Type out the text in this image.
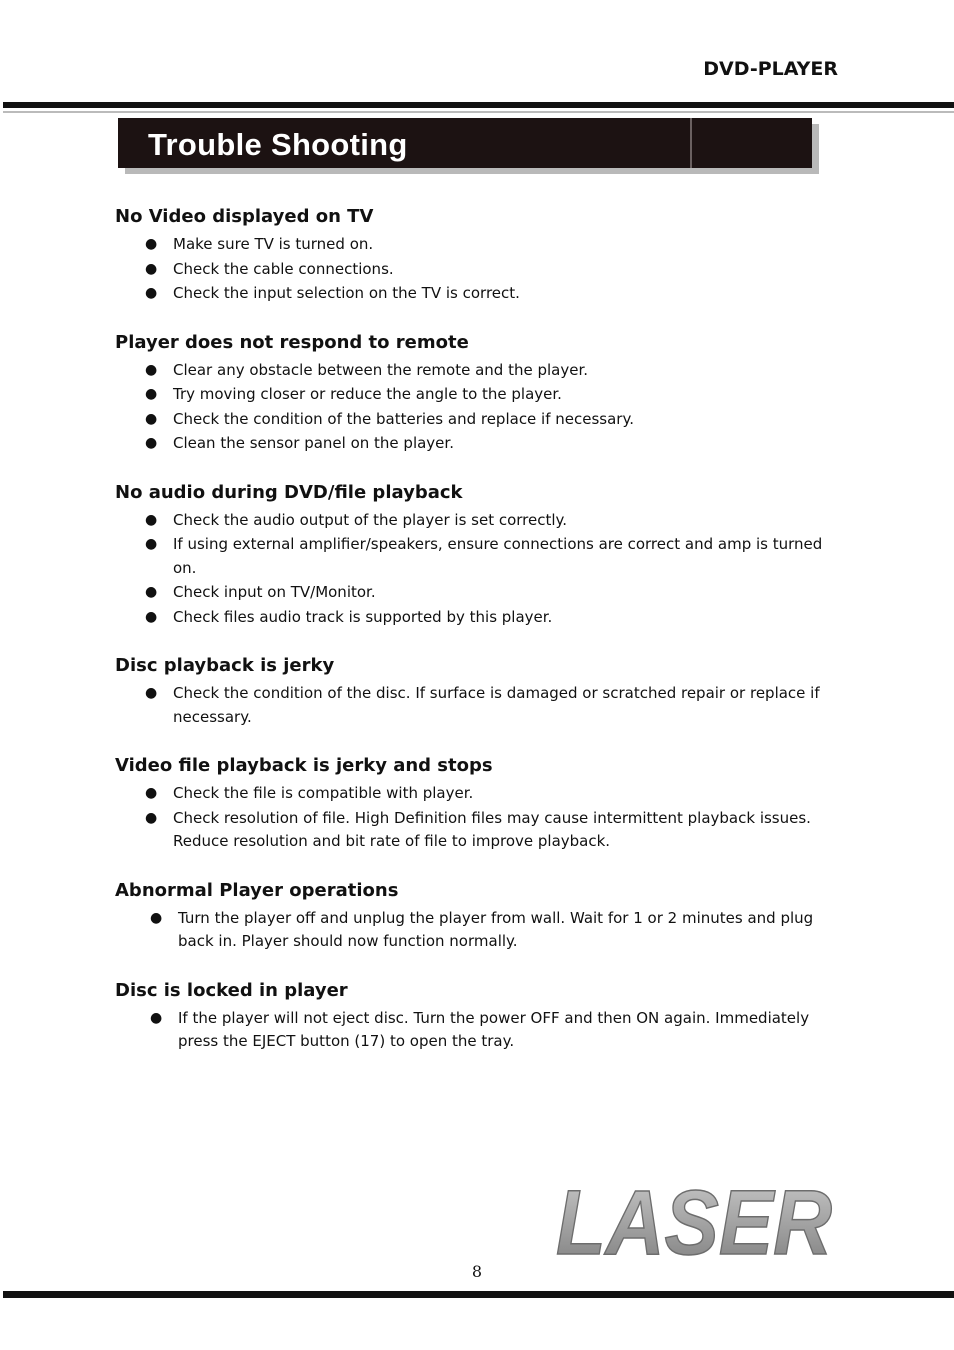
DVD-PLAYER
Trouble Shooting
No Video displayed on TV
● Make sure TV is turned on.
● Check the cable connections.
● Check the input selection on the TV is correct.
Player does not respond to remote
● Clear any obstacle between the remote and the player.
● Try moving closer or reduce the angle to the player.
● Check the condition of the batteries and replace if necessary.
● Clean the sensor panel on the player.
No audio during DVD/file playback
● Check the audio output of the player is set correctly.
● If using external amplifier/speakers, ensure connections are correct and amp is turned on.
● Check input on TV/Monitor.
● Check files audio track is supported by this player.
Disc playback is jerky
● Check the condition of the disc. If surface is damaged or scratched repair or replace if necessary.
Video file playback is jerky and stops
● Check the file is compatible with player.
● Check resolution of file. High Definition files may cause intermittent playback issues. Reduce resolution and bit rate of file to improve playback.
Abnormal Player operations
● Turn the player off and unplug the player from wall. Wait for 1 or 2 minutes and plug back in. Player should now function normally.
Disc is locked in player
● If the player will not eject disc. Turn the power OFF and then ON again. Immediately press the EJECT button (17) to open the tray.
LASER
8
